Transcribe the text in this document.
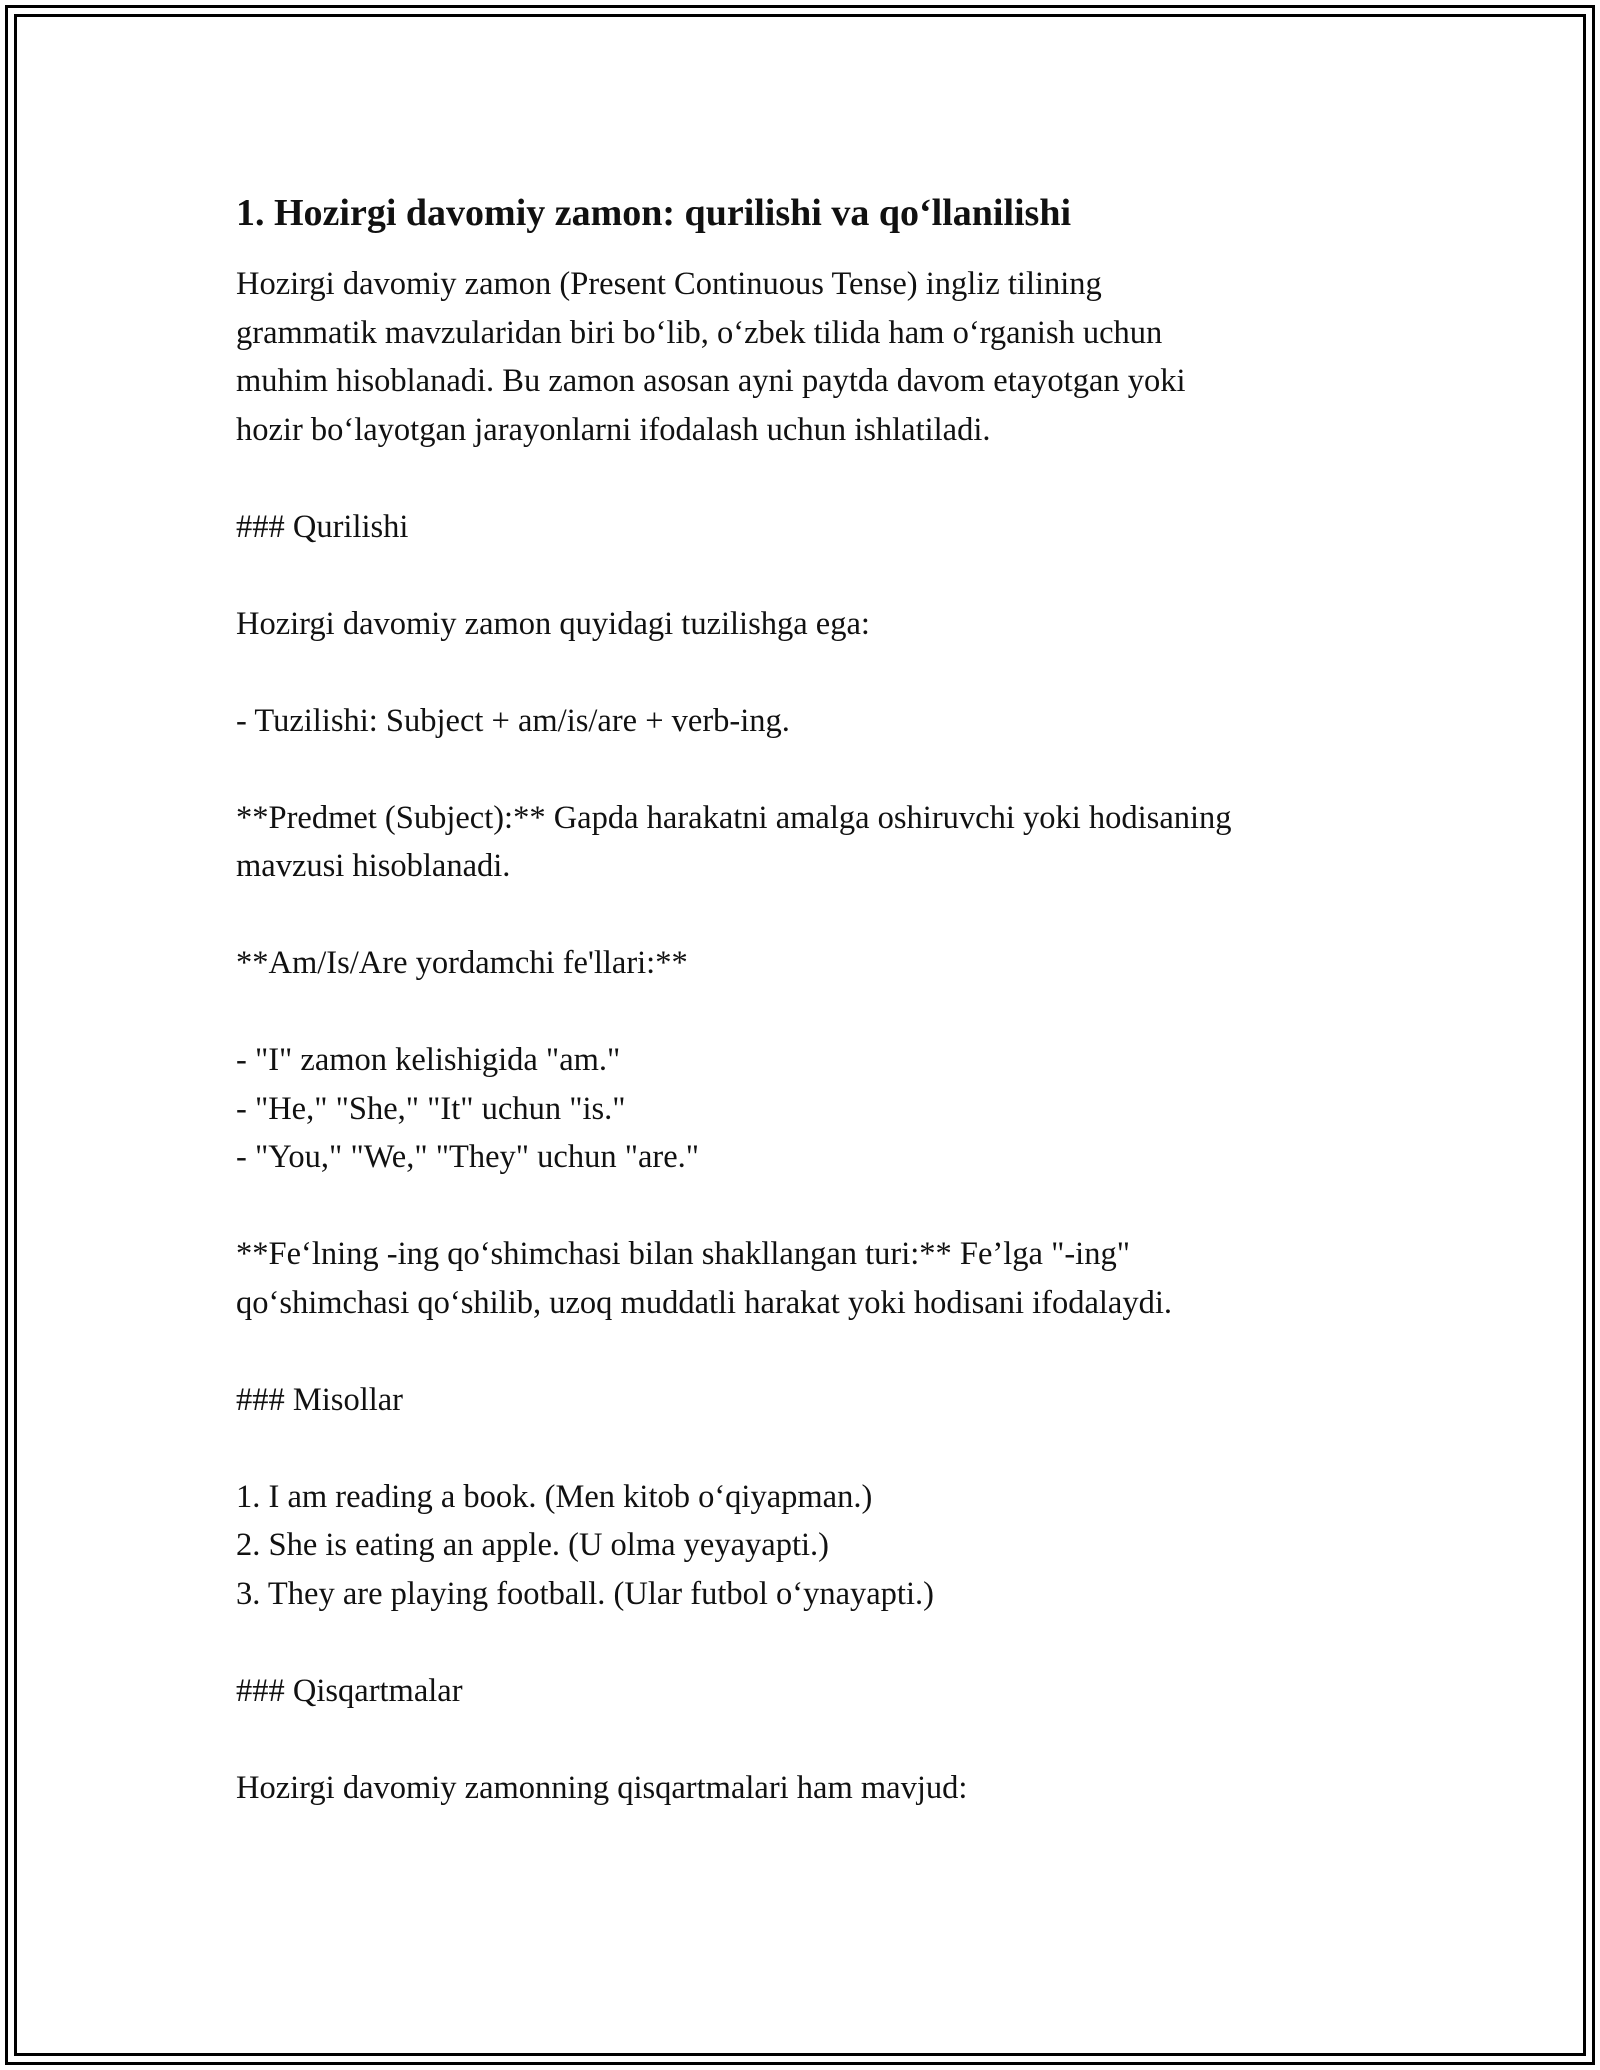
1. Hozirgi davomiy zamon: qurilishi va qo‘llanilishi

Hozirgi davomiy zamon (Present Continuous Tense) ingliz tilining
grammatik mavzularidan biri bo‘lib, o‘zbek tilida ham o‘rganish uchun
muhim hisoblanadi. Bu zamon asosan ayni paytda davom etayotgan yoki
hozir bo‘layotgan jarayonlarni ifodalash uchun ishlatiladi.

### Qurilishi

Hozirgi davomiy zamon quyidagi tuzilishga ega:

- Tuzilishi: Subject + am/is/are + verb-ing.

**Predmet (Subject):** Gapda harakatni amalga oshiruvchi yoki hodisaning
mavzusi hisoblanadi.

**Am/Is/Are yordamchi fe'llari:**

- "I" zamon kelishigida "am."
- "He," "She," "It" uchun "is."
- "You," "We," "They" uchun "are."

**Fe‘lning -ing qo‘shimchasi bilan shakllangan turi:** Fe’lga "-ing"
qo‘shimchasi qo‘shilib, uzoq muddatli harakat yoki hodisani ifodalaydi.

### Misollar

1. I am reading a book. (Men kitob o‘qiyapman.)
2. She is eating an apple. (U olma yeyayapti.)
3. They are playing football. (Ular futbol o‘ynayapti.)

### Qisqartmalar

Hozirgi davomiy zamonning qisqartmalari ham mavjud:
